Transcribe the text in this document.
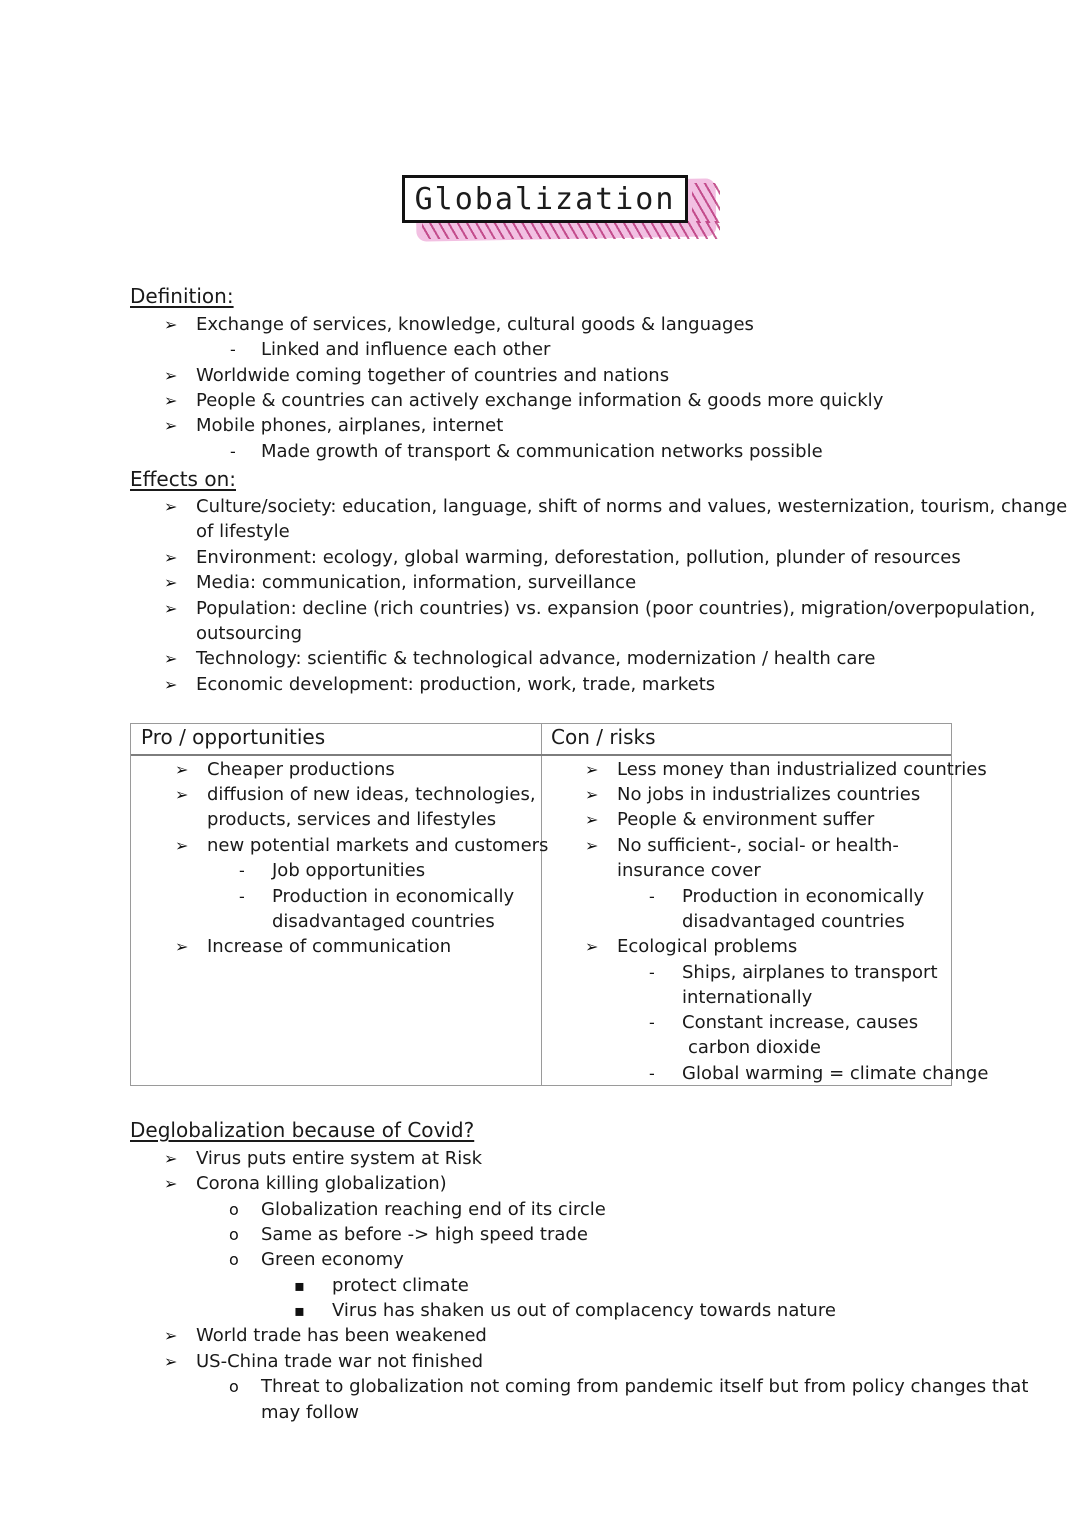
Globalization
Definition:
➢ Exchange of services, knowledge, cultural goods & languages
- Linked and influence each other
➢ Worldwide coming together of countries and nations
➢ People & countries can actively exchange information & goods more quickly
➢ Mobile phones, airplanes, internet
- Made growth of transport & communication networks possible
Effects on:
➢ Culture/society: education, language, shift of norms and values, westernization, tourism, change
of lifestyle
➢ Environment: ecology, global warming, deforestation, pollution, plunder of resources
➢ Media: communication, information, surveillance
➢ Population: decline (rich countries) vs. expansion (poor countries), migration/overpopulation,
outsourcing
➢ Technology: scientific & technological advance, modernization / health care
➢ Economic development: production, work, trade, markets
Pro / opportunities	Con / risks
➢ Cheaper productions
➢ diffusion of new ideas, technologies,
products, services and lifestyles
➢ new potential markets and customers
- Job opportunities
- Production in economically
disadvantaged countries
➢ Increase of communication
➢ Less money than industrialized countries
➢ No jobs in industrializes countries
➢ People & environment suffer
➢ No sufficient-, social- or health-
insurance cover
- Production in economically
disadvantaged countries
➢ Ecological problems
- Ships, airplanes to transport
internationally
- Constant increase, causes
carbon dioxide
- Global warming = climate change
Deglobalization because of Covid?
➢ Virus puts entire system at Risk
➢ Corona killing globalization)
o Globalization reaching end of its circle
o Same as before -> high speed trade
o Green economy
▪ protect climate
▪ Virus has shaken us out of complacency towards nature
➢ World trade has been weakened
➢ US-China trade war not finished
o Threat to globalization not coming from pandemic itself but from policy changes that
may follow
